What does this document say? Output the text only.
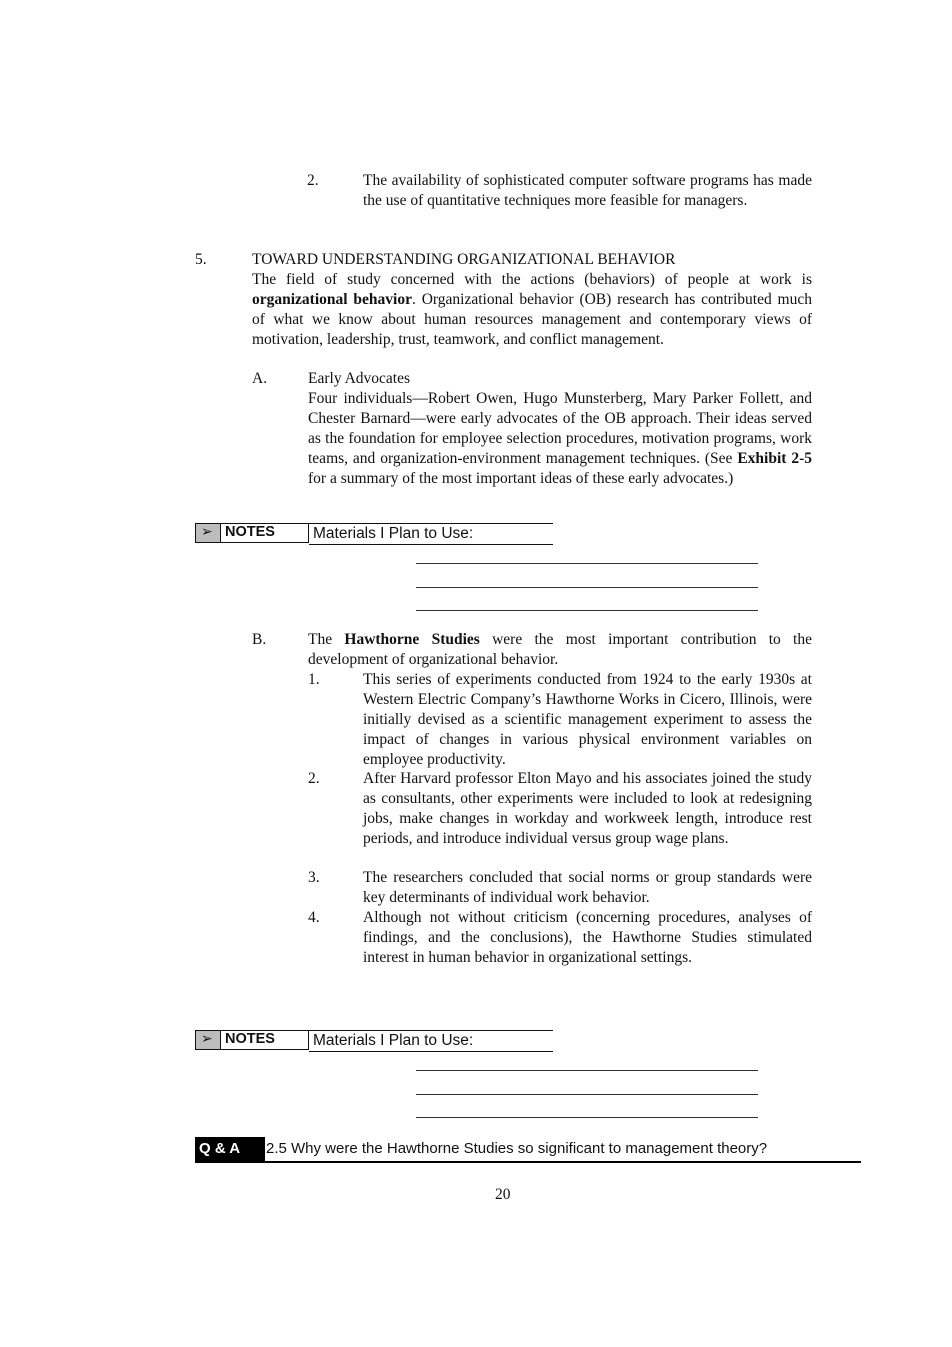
2.	The availability of sophisticated computer software programs has made the use of quantitative techniques more feasible for managers.

5.	TOWARD UNDERSTANDING ORGANIZATIONAL BEHAVIOR

The field of study concerned with the actions (behaviors) of people at work is organizational behavior. Organizational behavior (OB) research has contributed much of what we know about human resources management and contemporary views of motivation, leadership, trust, teamwork, and conflict management.

A.	Early Advocates

Four individuals—Robert Owen, Hugo Munsterberg, Mary Parker Follett, and Chester Barnard—were early advocates of the OB approach. Their ideas served as the foundation for employee selection procedures, motivation programs, work teams, and organization-environment management techniques. (See Exhibit 2-5 for a summary of the most important ideas of these early advocates.)

➢ NOTES	Materials I Plan to Use:
B.	The Hawthorne Studies were the most important contribution to the development of organizational behavior.

1.	This series of experiments conducted from 1924 to the early 1930s at Western Electric Company’s Hawthorne Works in Cicero, Illinois, were initially devised as a scientific management experiment to assess the impact of changes in various physical environment variables on employee productivity.

2.	After Harvard professor Elton Mayo and his associates joined the study as consultants, other experiments were included to look at redesigning jobs, make changes in workday and workweek length, introduce rest periods, and introduce individual versus group wage plans.

3.	The researchers concluded that social norms or group standards were key determinants of individual work behavior.

4.	Although not without criticism (concerning procedures, analyses of findings, and the conclusions), the Hawthorne Studies stimulated interest in human behavior in organizational settings.

➢ NOTES	Materials I Plan to Use:
Q & A	2.5 Why were the Hawthorne Studies so significant to management theory?
20
